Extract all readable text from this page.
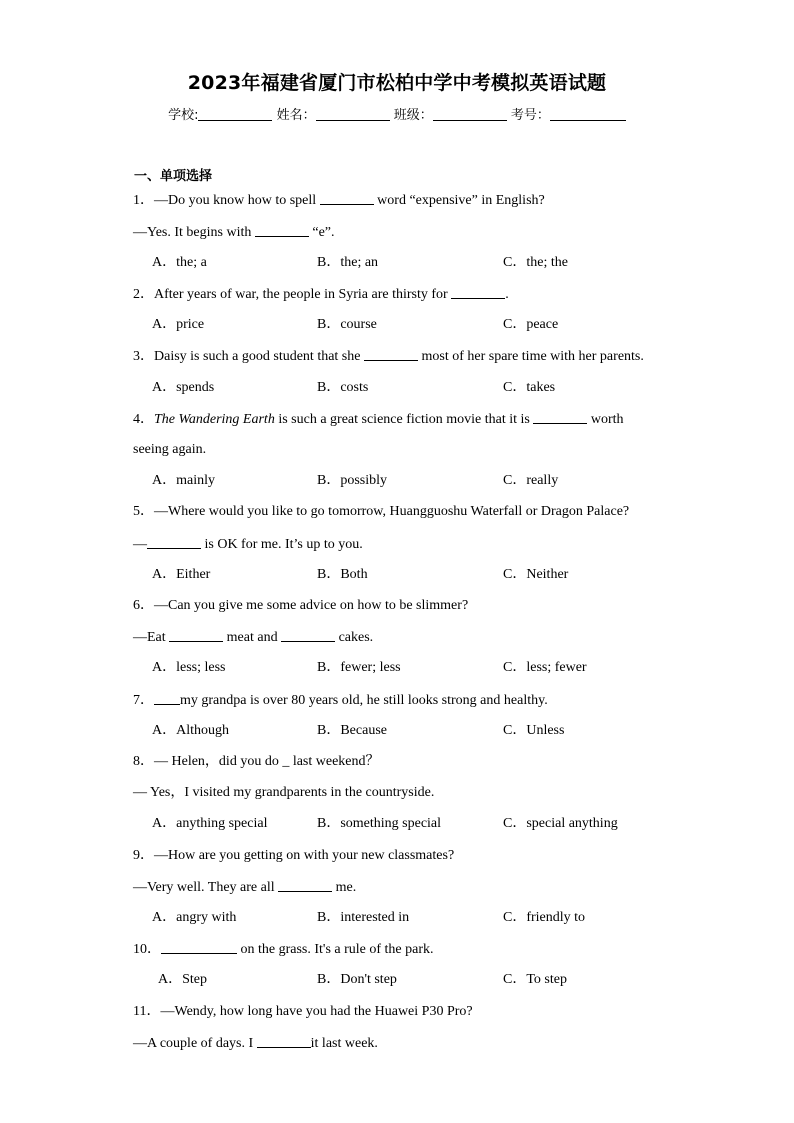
2023年福建省厦门市松柏中学中考模拟英语试题
学校:	姓名：	班级：	考号：
一、单项选择
1．—Do you know how to spell	word “expensive” in English?
—Yes. It begins with	“e”.
A．the; a	B．the; an	C．the; the
2．After years of war, the people in Syria are thirsty for	.
A．price	B．course	C．peace
3．Daisy is such a good student that she	most of her spare time with her parents.
A．spends	B．costs	C．takes
4．The Wandering Earth is such a great science fiction movie that it is	worth
seeing again.
A．mainly	B．possibly	C．really
5．—Where would you like to go tomorrow, Huangguoshu Waterfall or Dragon Palace?
—	is OK for me. It’s up to you.
A．Either	B．Both	C．Neither
6．—Can you give me some advice on how to be slimmer?
—Eat	meat and	cakes.
A．less; less	B．fewer; less	C．less; fewer
7． my grandpa is over 80 years old, he still looks strong and healthy.
A．Although	B．Because	C．Unless
8．— Helen，did you do _ last weekend？
— Yes，I visited my grandparents in the countryside.
A．anything special	B．something special	C．special anything
9．—How are you getting on with your new classmates?
—Very well. They are all	me.
A．angry with	B．interested in	C．friendly to
10．	on the grass. It's a rule of the park.
A．Step	B．Don't step	C．To step
11．—Wendy, how long have you had the Huawei P30 Pro?
—A couple of days. I	it last week.
